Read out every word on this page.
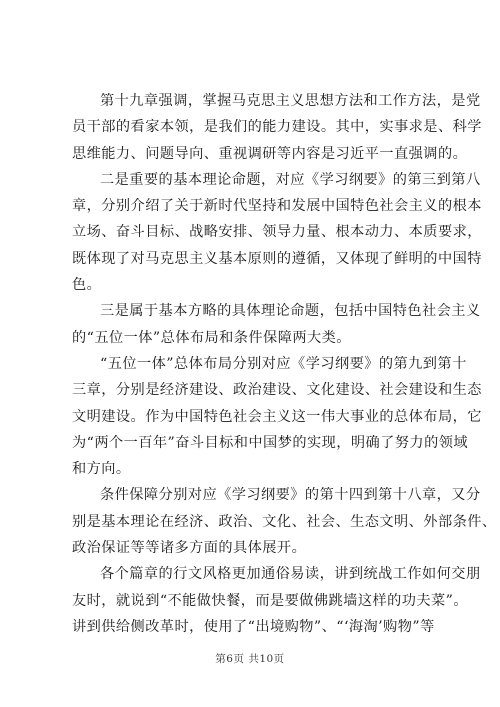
第十九章强调，掌握马克思主义思想方法和工作方法，是党
员干部的看家本领，是我们的能力建设。其中，实事求是、科学
思维能力、问题导向、重视调研等内容是习近平一直强调的。
二是重要的基本理论命题，对应《学习纲要》的第三到第八
章，分别介绍了关于新时代坚持和发展中国特色社会主义的根本
立场、奋斗目标、战略安排、领导力量、根本动力、本质要求，
既体现了对马克思主义基本原则的遵循，又体现了鲜明的中国特
色。
三是属于基本方略的具体理论命题，包括中国特色社会主义
的“五位一体”总体布局和条件保障两大类。
“五位一体”总体布局分别对应《学习纲要》的第九到第十
三章，分别是经济建设、政治建设、文化建设、社会建设和生态
文明建设。作为中国特色社会主义这一伟大事业的总体布局，它
为“两个一百年”奋斗目标和中国梦的实现，明确了努力的领域
和方向。
条件保障分别对应《学习纲要》的第十四到第十八章，又分
别是基本理论在经济、政治、文化、社会、生态文明、外部条件、
政治保证等等诸多方面的具体展开。
各个篇章的行文风格更加通俗易读，讲到统战工作如何交朋
友时，就说到“不能做快餐，而是要做佛跳墙这样的功夫菜”。
讲到供给侧改革时，使用了“出境购物”、“‘海淘’购物”等
第6页 共10页
